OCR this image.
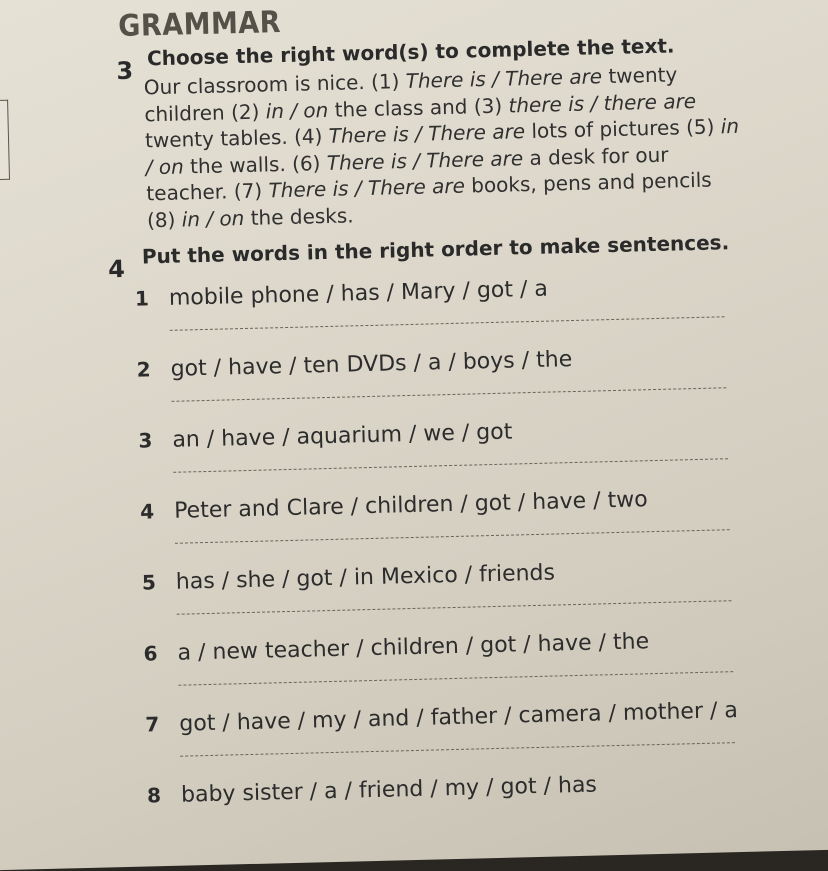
GRAMMAR
3
Choose the right word(s) to complete the text.
Our classroom is nice. (1) There is / There are twenty children (2) in / on the class and (3) there is / there are twenty tables. (4) There is / There are lots of pictures (5) in / on the walls. (6) There is / There are a desk for our teacher. (7) There is / There are books, pens and pencils (8) in / on the desks.
4
Put the words in the right order to make sentences.
1 mobile phone / has / Mary / got / a
2 got / have / ten DVDs / a / boys / the
3 an / have / aquarium / we / got
4 Peter and Clare / children / got / have / two
5 has / she / got / in Mexico / friends
6 a / new teacher / children / got / have / the
7 got / have / my / and / father / camera / mother / a
8 baby sister / a / friend / my / got / has
